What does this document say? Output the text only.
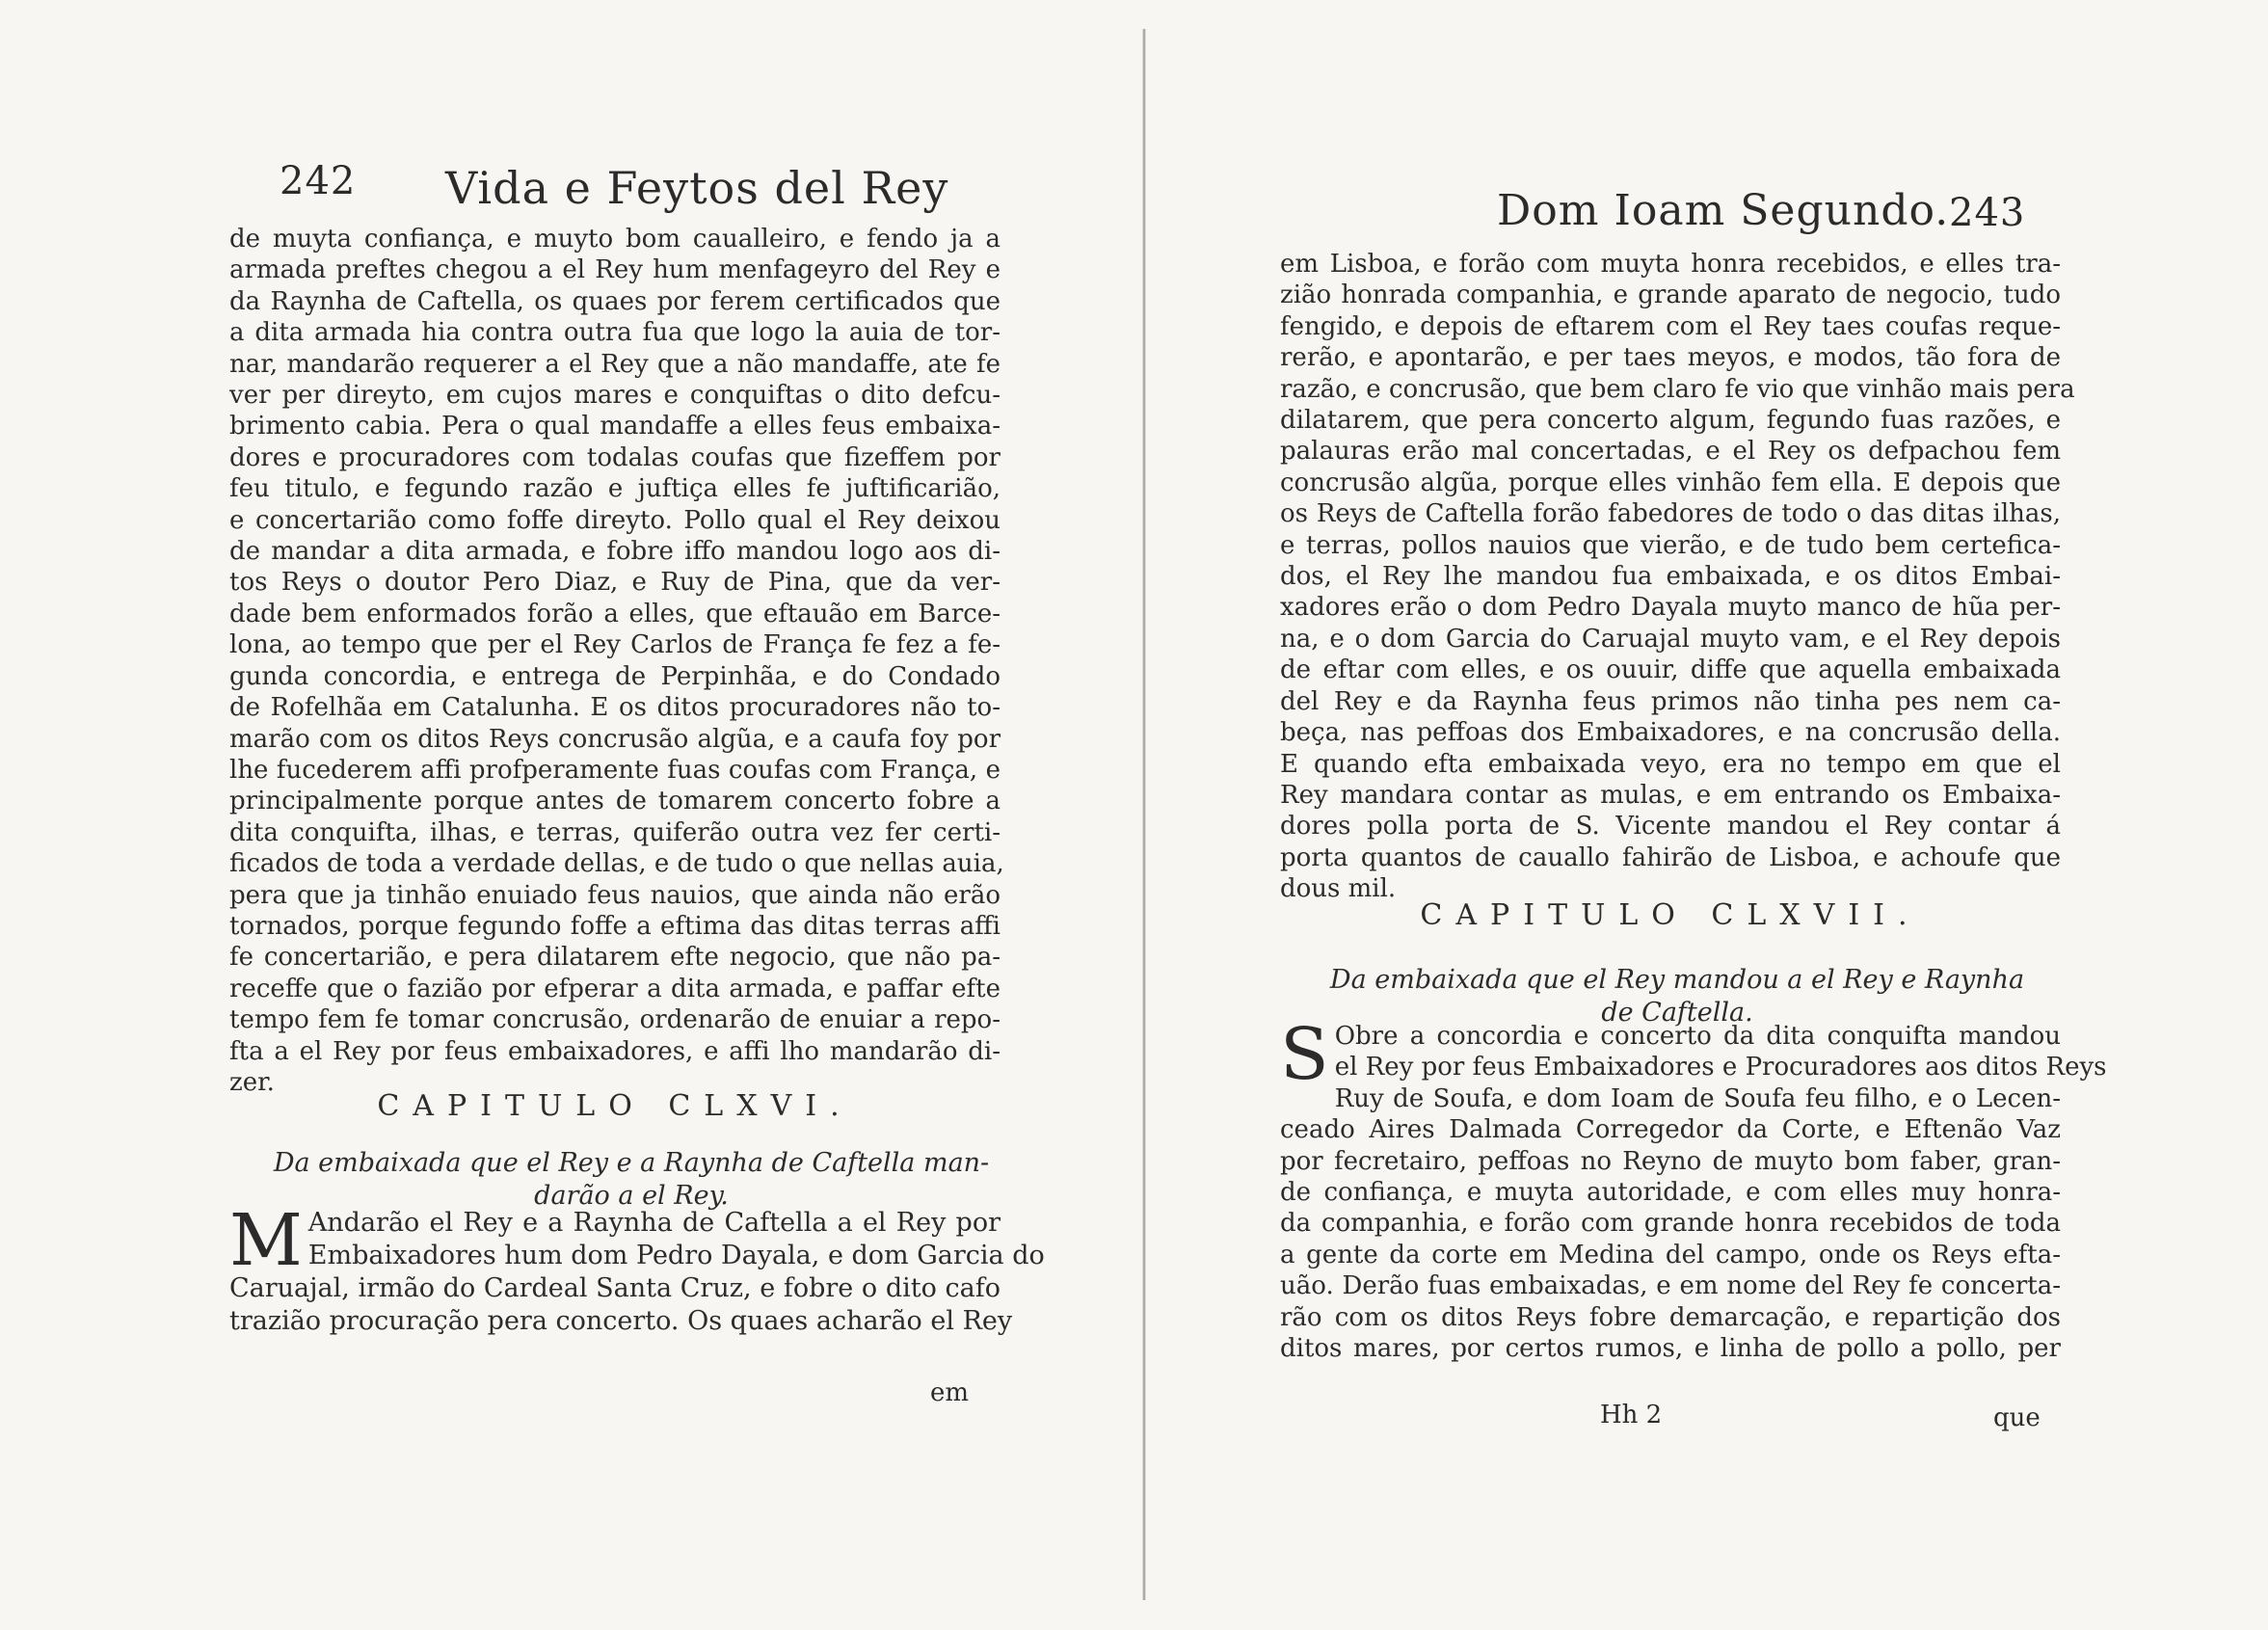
242 Vida e Feytos del Rey
de muyta confiança, e muyto bom caualleiro, e fendo ja a
armada preftes chegou a el Rey hum menfageyro del Rey e
da Raynha de Caftella, os quaes por ferem certificados que
a dita armada hia contra outra fua que logo la auia de tor-
nar, mandarão requerer a el Rey que a não mandaffe, ate fe
ver per direyto, em cujos mares e conquiftas o dito defcu-
brimento cabia. Pera o qual mandaffe a elles feus embaixa-
dores e procuradores com todalas coufas que fizeffem por
feu titulo, e fegundo razão e juftiça elles fe juftificarião,
e concertarião como foffe direyto. Pollo qual el Rey deixou
de mandar a dita armada, e fobre iffo mandou logo aos di-
tos Reys o doutor Pero Diaz, e Ruy de Pina, que da ver-
dade bem enformados forão a elles, que eftauão em Barce-
lona, ao tempo que per el Rey Carlos de França fe fez a fe-
gunda concordia, e entrega de Perpinhãa, e do Condado
de Rofelhãa em Catalunha. E os ditos procuradores não to-
marão com os ditos Reys concrusão algũa, e a caufa foy por
lhe fucederem affi profperamente fuas coufas com França, e
principalmente porque antes de tomarem concerto fobre a
dita conquifta, ilhas, e terras, quiferão outra vez fer certi-
ficados de toda a verdade dellas, e de tudo o que nellas auia,
pera que ja tinhão enuiado feus nauios, que ainda não erão
tornados, porque fegundo foffe a eftima das ditas terras affi
fe concertarião, e pera dilatarem efte negocio, que não pa-
receffe que o fazião por efperar a dita armada, e paffar efte
tempo fem fe tomar concrusão, ordenarão de enuiar a repo-
fta a el Rey por feus embaixadores, e affi lho mandarão di-
zer.
CAPITULO CLXVI.
Da embaixada que el Rey e a Raynha de Caftella man-
darão a el Rey.
M Andarão el Rey e a Raynha de Caftella a el Rey por
Embaixadores hum dom Pedro Dayala, e dom Garcia do
Caruajal, irmão do Cardeal Santa Cruz, e fobre o dito cafo
trazião procuração pera concerto. Os quaes acharão el Rey
em
Dom Ioam Segundo. 243
em Lisboa, e forão com muyta honra recebidos, e elles tra-
zião honrada companhia, e grande aparato de negocio, tudo
fengido, e depois de eftarem com el Rey taes coufas reque-
rerão, e apontarão, e per taes meyos, e modos, tão fora de
razão, e concrusão, que bem claro fe vio que vinhão mais pera
dilatarem, que pera concerto algum, fegundo fuas razões, e
palauras erão mal concertadas, e el Rey os defpachou fem
concrusão algũa, porque elles vinhão fem ella. E depois que
os Reys de Caftella forão fabedores de todo o das ditas ilhas,
e terras, pollos nauios que vierão, e de tudo bem certefica-
dos, el Rey lhe mandou fua embaixada, e os ditos Embai-
xadores erão o dom Pedro Dayala muyto manco de hũa per-
na, e o dom Garcia do Caruajal muyto vam, e el Rey depois
de eftar com elles, e os ouuir, diffe que aquella embaixada
del Rey e da Raynha feus primos não tinha pes nem ca-
beça, nas peffoas dos Embaixadores, e na concrusão della.
E quando efta embaixada veyo, era no tempo em que el
Rey mandara contar as mulas, e em entrando os Embaixa-
dores polla porta de S. Vicente mandou el Rey contar á
porta quantos de cauallo fahirão de Lisboa, e achoufe que
dous mil.
CAPITULO CLXVII.
Da embaixada que el Rey mandou a el Rey e Raynha
de Caftella.
S Obre a concordia e concerto da dita conquifta mandou
el Rey por feus Embaixadores e Procuradores aos ditos Reys
Ruy de Soufa, e dom Ioam de Soufa feu filho, e o Lecen-
ceado Aires Dalmada Corregedor da Corte, e Eftenão Vaz
por fecretairo, peffoas no Reyno de muyto bom faber, gran-
de confiança, e muyta autoridade, e com elles muy honra-
da companhia, e forão com grande honra recebidos de toda
a gente da corte em Medina del campo, onde os Reys efta-
uão. Derão fuas embaixadas, e em nome del Rey fe concerta-
rão com os ditos Reys fobre demarcação, e repartição dos
ditos mares, por certos rumos, e linha de pollo a pollo, per
Hh 2	que
